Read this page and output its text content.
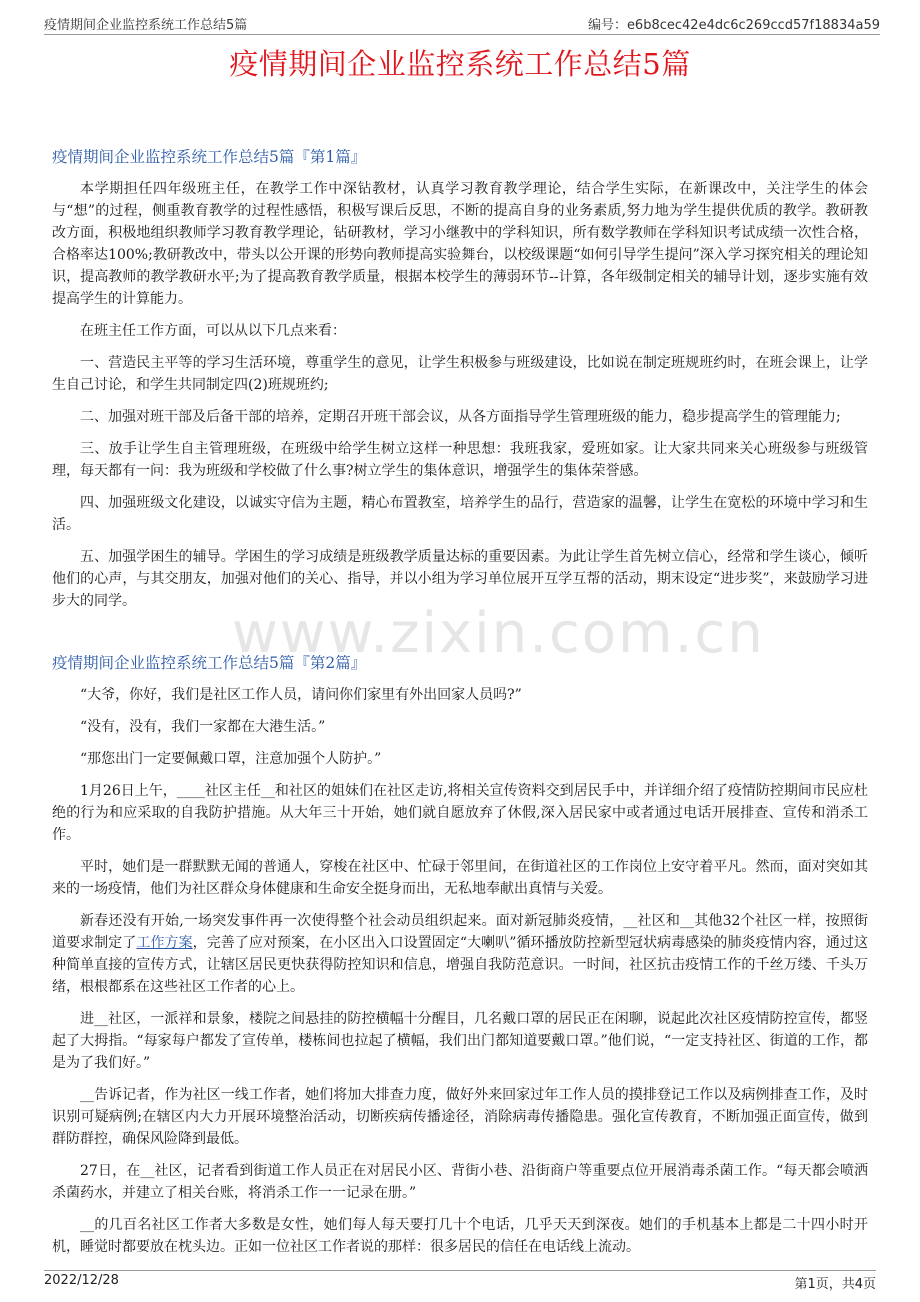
疫情期间企业监控系统工作总结5篇	编号：e6b8cec42e4dc6c269ccd57f18834a59
疫情期间企业监控系统工作总结5篇
www.zixin.com.cn
疫情期间企业监控系统工作总结5篇『第1篇』

本学期担任四年级班主任，在教学工作中深钻教材，认真学习教育教学理论，结合学生实际，在新课改中，关注学生的体会与“想”的过程，侧重教育教学的过程性感悟，积极写课后反思，不断的提高自身的业务素质,努力地为学生提供优质的教学。教研教改方面，积极地组织教师学习教育教学理论，钻研教材，学习小继教中的学科知识，所有数学教师在学科知识考试成绩一次性合格，合格率达100%;教研教改中，带头以公开课的形势向教师提高实验舞台，以校级课题“如何引导学生提问”深入学习探究相关的理论知识，提高教师的教学教研水平;为了提高教育教学质量，根据本校学生的薄弱环节--计算，各年级制定相关的辅导计划，逐步实施有效提高学生的计算能力。

在班主任工作方面，可以从以下几点来看：

一、营造民主平等的学习生活环境，尊重学生的意见，让学生积极参与班级建设，比如说在制定班规班约时，在班会课上，让学生自己讨论，和学生共同制定四(2)班规班约;

二、加强对班干部及后备干部的培养，定期召开班干部会议，从各方面指导学生管理班级的能力，稳步提高学生的管理能力;

三、放手让学生自主管理班级，在班级中给学生树立这样一种思想：我班我家，爱班如家。让大家共同来关心班级参与班级管理，每天都有一问：我为班级和学校做了什么事?树立学生的集体意识，增强学生的集体荣誉感。

四、加强班级文化建设，以诚实守信为主题，精心布置教室，培养学生的品行，营造家的温馨，让学生在宽松的环境中学习和生活。

五、加强学困生的辅导。学困生的学习成绩是班级教学质量达标的重要因素。为此让学生首先树立信心，经常和学生谈心，倾听他们的心声，与其交朋友，加强对他们的关心、指导，并以小组为学习单位展开互学互帮的活动，期末设定“进步奖”，来鼓励学习进步大的同学。

疫情期间企业监控系统工作总结5篇『第2篇』

“大爷，你好，我们是社区工作人员，请问你们家里有外出回家人员吗?”

“没有，没有，我们一家都在大港生活。”

“那您出门一定要佩戴口罩，注意加强个人防护。”

1月26日上午，____社区主任__和社区的姐妹们在社区走访,将相关宣传资料交到居民手中，并详细介绍了疫情防控期间市民应杜绝的行为和应采取的自我防护措施。从大年三十开始，她们就自愿放弃了休假,深入居民家中或者通过电话开展排查、宣传和消杀工作。

平时，她们是一群默默无闻的普通人，穿梭在社区中、忙碌于邻里间，在街道社区的工作岗位上安守着平凡。然而，面对突如其来的一场疫情，他们为社区群众身体健康和生命安全挺身而出，无私地奉献出真情与关爱。

新春还没有开始,一场突发事件再一次使得整个社会动员组织起来。面对新冠肺炎疫情，__社区和__其他32个社区一样，按照街道要求制定了工作方案，完善了应对预案，在小区出入口设置固定“大喇叭”循环播放防控新型冠状病毒感染的肺炎疫情内容，通过这种简单直接的宣传方式，让辖区居民更快获得防控知识和信息，增强自我防范意识。一时间，社区抗击疫情工作的千丝万缕、千头万绪，根根都系在这些社区工作者的心上。

进__社区，一派祥和景象，楼院之间悬挂的防控横幅十分醒目，几名戴口罩的居民正在闲聊，说起此次社区疫情防控宣传，都竖起了大拇指。“每家每户都发了宣传单，楼栋间也拉起了横幅，我们出门都知道要戴口罩。”他们说，“一定支持社区、街道的工作，都是为了我们好。”

__告诉记者，作为社区一线工作者，她们将加大排查力度，做好外来回家过年工作人员的摸排登记工作以及病例排查工作，及时识别可疑病例;在辖区内大力开展环境整治活动，切断疾病传播途径，消除病毒传播隐患。强化宣传教育，不断加强正面宣传，做到群防群控，确保风险降到最低。

27日，在__社区，记者看到街道工作人员正在对居民小区、背街小巷、沿街商户等重要点位开展消毒杀菌工作。“每天都会喷洒杀菌药水，并建立了相关台账，将消杀工作一一记录在册。”

__的几百名社区工作者大多数是女性，她们每人每天要打几十个电话，几乎天天到深夜。她们的手机基本上都是二十四小时开机，睡觉时都要放在枕头边。正如一位社区工作者说的那样：很多居民的信任在电话线上流动。

2022/12/28	第1页，共4页
